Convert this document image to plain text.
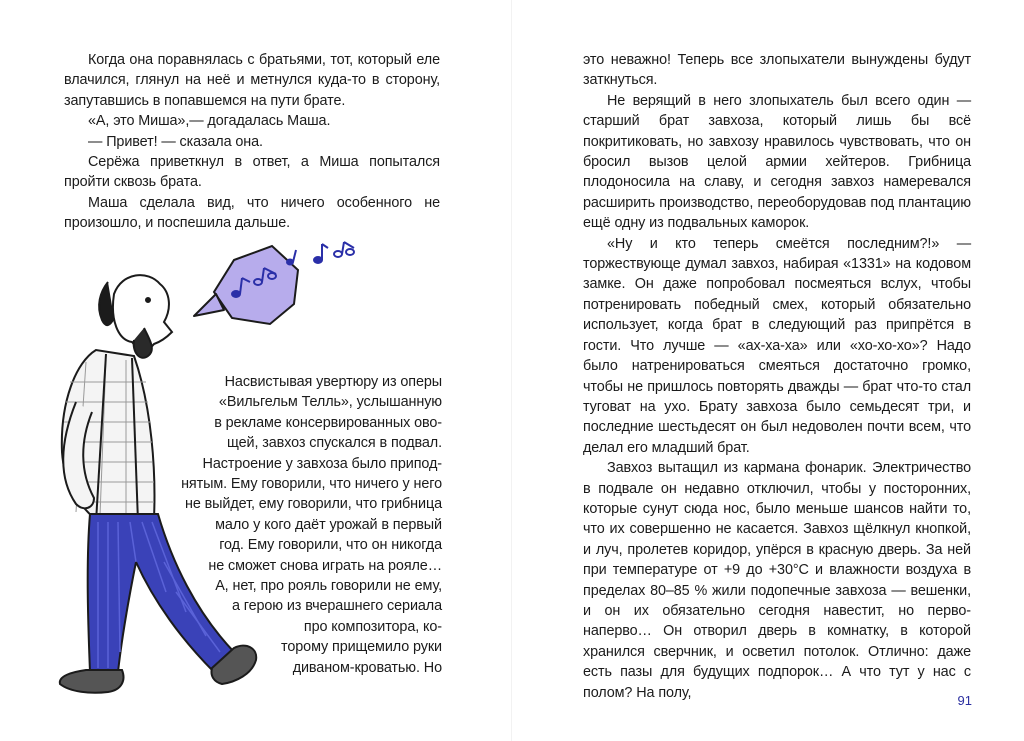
Когда она поравнялась с братьями, тот, который еле влачился, глянул на неё и метнулся куда-то в сторону, запутавшись в попавшемся на пути брате.

«А, это Миша»,— догадалась Маша.

— Привет! — сказала она.

Серёжа приветкнул в ответ, а Миша попытался пройти сквозь брата.

Маша сделала вид, что ничего особенного не произошло, и поспешила дальше.

Насвистывая увертюру из оперы
«Вильгельм Телль», услышанную
в рекламе консервированных ово-
щей, завхоз спускался в подвал.
Настроение у завхоза было припод-
нятым. Ему говорили, что ничего у него
не выйдет, ему говорили, что грибница
мало у кого даёт урожай в первый
год. Ему говорили, что он никогда
не сможет снова играть на рояле…
А, нет, про рояль говорили не ему,
а герою из вчерашнего сериала
про композитора, ко-
торому прищемило руки
диваном-кроватью. Но

это неважно! Теперь все злопыхатели вынуждены будут заткнуться.

Не верящий в него злопыхатель был всего один — старший брат завхоза, который лишь бы всё покритиковать, но завхозу нравилось чувствовать, что он бросил вызов целой армии хейтеров. Грибница плодоносила на славу, и сегодня завхоз намеревался расширить производство, переоборудовав под плантацию ещё одну из подвальных каморок.

«Ну и кто теперь смеётся последним?!» — торжествующе думал завхоз, набирая «1331» на кодовом замке. Он даже попробовал посмеяться вслух, чтобы потренировать победный смех, который обязательно использует, когда брат в следующий раз припрётся в гости. Что лучше — «ах-ха-ха» или «хо-хо-хо»? Надо было натренироваться смеяться достаточно громко, чтобы не пришлось повторять дважды — брат что-то стал туговат на ухо. Брату завхоза было семьдесят три, и последние шестьдесят он был недоволен почти всем, что делал его младший брат.

Завхоз вытащил из кармана фонарик. Электричество в подвале он недавно отключил, чтобы у посторонних, которые сунут сюда нос, было меньше шансов найти то, что их совершенно не касается. Завхоз щёлкнул кнопкой, и луч, пролетев коридор, упёрся в красную дверь. За ней при температуре от +9 до +30°C и влажности воздуха в пределах 80–85 % жили подопечные завхоза — вешенки, и он их обязательно сегодня навестит, но перво-наперво… Он отворил дверь в комнатку, в которой хранился сверчник, и осветил потолок. Отлично: даже есть пазы для будущих подпорок… А что тут у нас с полом? На полу,	91
